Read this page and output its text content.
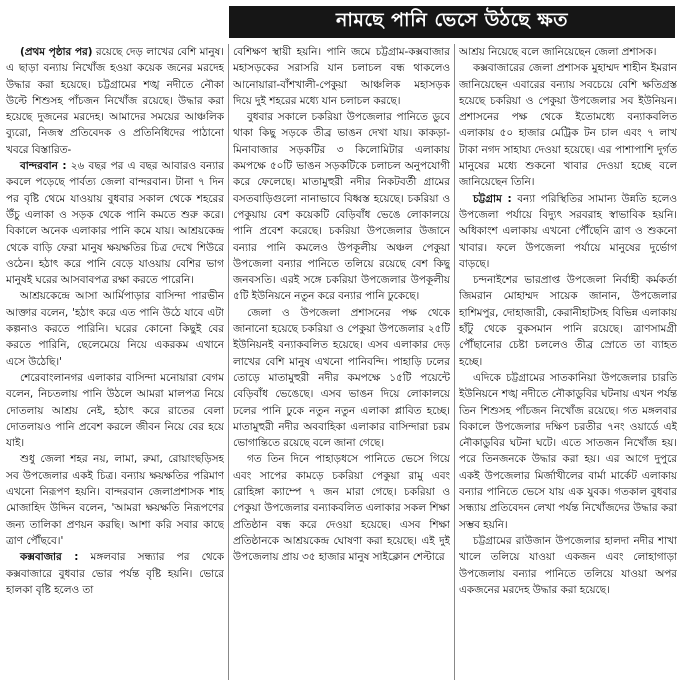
নামছে পানি ভেসে উঠছে ক্ষত

(প্রথম পৃষ্ঠার পর) রয়েছে দেড় লাখের বেশি মানুষ। এ ছাড়া বন্যায় নিখোঁজ হওয়া কয়েক জনের মরদেহ উদ্ধার করা হয়েছে। চট্টগ্রামের শঙ্খ নদীতে নৌকা উল্টে শিশুসহ পাঁচজন নিখোঁজ রয়েছে। উদ্ধার করা হয়েছে দুজনের মরদেহ। আমাদের সময়ের আঞ্চলিক ব্যুরো, নিজস্ব প্রতিবেদক ও প্রতিনিধিদের পাঠানো খবরে বিস্তারিত-

বান্দরবান : ২৬ বছর পর এ বছর আবারও বন্যার কবলে পড়েছে পার্বত্য জেলা বান্দরবান। টানা ৭ দিন পর বৃষ্টি থেমে যাওয়ায় বুধবার সকাল থেকে শহরের উঁচু এলাকা ও সড়ক থেকে পানি কমতে শুরু করে। বিকালে অনেক এলাকার পানি কমে যায়। আশ্রয়কেন্দ্র থেকে বাড়ি ফেরা মানুষ ক্ষয়ক্ষতির চিত্র দেখে শিউরে ওঠেন। হঠাৎ করে পানি বেড়ে যাওয়ায় বেশির ভাগ মানুষই ঘরের আসবাবপত্র রক্ষা করতে পারেনি।

আশ্রয়কেন্দ্রে আসা আর্মিপাড়ার বাসিন্দা পারভীন আক্তার বলেন, 'হঠাৎ করে এত পানি উঠে যাবে এটা কল্পনাও করতে পারিনি। ঘরের কোনো কিছুই বের করতে পারিনি, ছেলেমেয়ে নিয়ে একরকম এখানে এসে উঠেছি।'

শেরেবাংলানগর এলাকার বাসিন্দা মনোয়ারা বেগম বলেন, নিচতলায় পানি উঠলে আমরা মালপত্র নিয়ে দোতলায় আশ্রয় নেই, হঠাৎ করে রাতের বেলা দোতলায়ও পানি প্রবেশ করলে জীবন নিয়ে বের হয়ে যাই।

শুধু জেলা শহর নয়, লামা, রুমা, রোয়াংছড়িসহ সব উপজেলার একই চিত্র। বন্যায় ক্ষয়ক্ষতির পরিমাণ এখনো নিরূপণ হয়নি। বান্দরবান জেলাপ্রশাসক শাহ মোজাহিদ উদ্দিন বলেন, 'আমরা ক্ষয়ক্ষতি নিরূপণের জন্য তালিকা প্রণয়ন করছি। আশা করি সবার কাছে ত্রাণ পৌঁছবে।'

কক্সবাজার : মঙ্গলবার সন্ধ্যার পর থেকে কক্সবাজারে বুধবার ভোর পর্যন্ত বৃষ্টি হয়নি। ভোরে হালকা বৃষ্টি হলেও তা

বেশিক্ষণ স্থায়ী হয়নি। পানি জমে চট্টগ্রাম-কক্সবাজার মহাসড়কের সরাসরি যান চলাচল বন্ধ থাকলেও আনোয়ারা-বাঁশখালী-পেকুয়া আঞ্চলিক মহাসড়ক দিয়ে দুই শহরের মধ্যে যান চলাচল করছে।

বুধবার সকালে চকরিয়া উপজেলার পানিতে ডুবে থাকা কিছু সড়কে তীব্র ভাঙন দেখা যায়। কাকড়া-মিনাবাজার সড়কটির ৩ কিলোমিটার এলাকায় কমপক্ষে ৫০টি ভাঙন সড়কটিকে চলাচল অনুপযোগী করে ফেলেছে। মাতামুহুরী নদীর নিকটবর্তী গ্রামের বসতবাড়িগুলো নানাভাবে বিধ্বস্ত হয়েছে। চকরিয়া ও পেকুয়ায় বেশ কয়েকটি বেড়িবাঁধ ভেঙে লোকালয়ে পানি প্রবেশ করেছে। চকরিয়া উপজেলার উজানে বন্যার পানি কমলেও উপকূলীয় অঞ্চল পেকুয়া উপজেলা বন্যার পানিতে তলিয়ে রয়েছে বেশ কিছু জনবসতি। এরই সঙ্গে চকরিয়া উপজেলার উপকূলীয় ৫টি ইউনিয়নে নতুন করে বন্যার পানি ঢুকেছে।

জেলা ও উপজেলা প্রশাসনের পক্ষ থেকে জানানো হয়েছে চকরিয়া ও পেকুয়া উপজেলার ২৫টি ইউনিয়নই বন্যাকবলিত হয়েছে। এসব এলাকার দেড় লাখের বেশি মানুষ এখনো পানিবন্দি। পাহাড়ি ঢলের তোড়ে মাতামুহুরী নদীর কমপক্ষে ১৫টি পয়েন্টে বেড়িবাঁধ ভেঙেছে। এসব ভাঙন দিয়ে লোকালয়ে ঢলের পানি ঢুকে নতুন নতুন এলাকা প্লাবিত হচ্ছে। মাতামুহুরী নদীর অববাহিকা এলাকার বাসিন্দারা চরম ভোগান্তিতে রয়েছে বলে জানা গেছে।

গত তিন দিনে পাহাড়ধসে পানিতে ভেসে গিয়ে এবং সাপের কামড়ে চকরিয়া পেকুয়া রামু এবং রোহিঙ্গা ক্যাম্পে ৭ জন মারা গেছে। চকরিয়া ও পেকুয়া উপজেলার বন্যাকবলিত এলাকার সকল শিক্ষা প্রতিষ্ঠান বন্ধ করে দেওয়া হয়েছে। এসব শিক্ষা প্রতিষ্ঠানকে আশ্রয়কেন্দ্র ঘোষণা করা হয়েছে। এই দুই উপজেলায় প্রায় ৩৫ হাজার মানুষ সাইক্লোন শেল্টারে

আশ্রয় নিয়েছে বলে জানিয়েছেন জেলা প্রশাসক।

কক্সবাজারের জেলা প্রশাসক মুহাম্মদ শাহীন ইমরান জানিয়েছেন এবারের বন্যায় সবচেয়ে বেশি ক্ষতিগ্রস্ত হয়েছে চকরিয়া ও পেকুয়া উপজেলার সব ইউনিয়ন। প্রশাসনের পক্ষ থেকে ইতোমধ্যে বন্যাকবলিত এলাকায় ৫০ হাজার মেট্রিক টন চাল এবং ৭ লাখ টাকা নগদ সাহায্য দেওয়া হয়েছে। এর পাশাপাশি দুর্গত মানুষের মধ্যে শুকনো খাবার দেওয়া হচ্ছে বলে জানিয়েছেন তিনি।

চট্টগ্রাম : বন্যা পরিস্থিতির সামান্য উন্নতি হলেও উপজেলা পর্যায়ে বিদ্যুৎ সরবরাহ স্বাভাবিক হয়নি। অধিকাংশ এলাকায় এখনো পৌঁছেনি ত্রাণ ও শুকনো খাবার। ফলে উপজেলা পর্যায়ে মানুষের দুর্ভোগ বাড়ছে।

চন্দনাইশের ভারপ্রাপ্ত উপজেলা নির্বাহী কর্মকর্তা জিমরান মোহাম্মদ সায়েক জানান, উপজেলার হাশিমপুর, দোহাজারী, কেরানীহাটসহ বিভিন্ন এলাকায় হাঁটু থেকে বুকসমান পানি রয়েছে। ত্রাণসামগ্রী পৌঁছানোর চেষ্টা চললেও তীব্র স্রোতে তা ব্যাহত হচ্ছে।

এদিকে চট্টগ্রামের সাতকানিয়া উপজেলার চারতি ইউনিয়নে শঙ্খ নদীতে নৌকাডুবির ঘটনায় এখন পর্যন্ত তিন শিশুসহ পাঁচজন নিখোঁজ রয়েছে। গত মঙ্গলবার বিকালে উপজেলার দক্ষিণ চরতীর ৭নং ওয়ার্ডে এই নৌকাডুবির ঘটনা ঘটে। এতে সাতজন নিখোঁজ হয়। পরে তিনজনকে উদ্ধার করা হয়। এর আগে দুপুরে একই উপজেলার মির্জাখীলের বার্মা মার্কেট এলাকায় বন্যার পানিতে ভেসে যায় এক যুবক। গতকাল বুধবার সন্ধ্যায় প্রতিবেদন লেখা পর্যন্ত নিখোঁজদের উদ্ধার করা সম্ভব হয়নি।

চট্টগ্রামের রাউজান উপজেলার হালদা নদীর শাখা খালে তলিয়ে যাওয়া একজন এবং লোহাগাড়া উপজেলায় বন্যার পানিতে তলিয়ে যাওয়া অপর একজনের মরদেহ উদ্ধার করা হয়েছে।
